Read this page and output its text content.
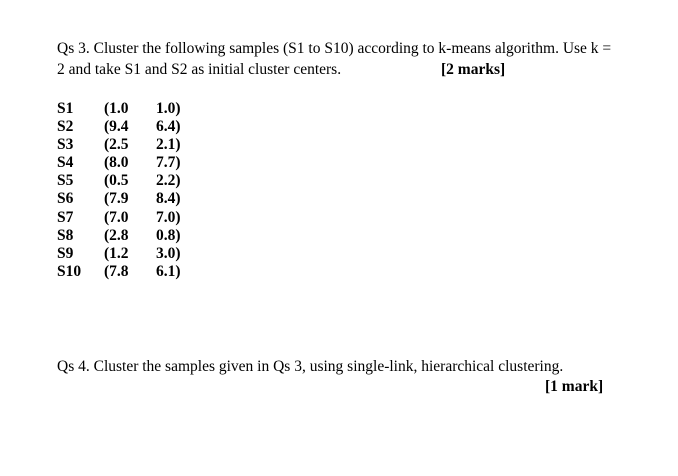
Qs 3. Cluster the following samples (S1 to S10) according to k-means algorithm. Use k =
2 and take S1 and S2 as initial cluster centers.	[2 marks]
S1 (1.0 1.0)
S2 (9.4 6.4)
S3 (2.5 2.1)
S4 (8.0 7.7)
S5 (0.5 2.2)
S6 (7.9 8.4)
S7 (7.0 7.0)
S8 (2.8 0.8)
S9 (1.2 3.0)
S10 (7.8 6.1)
Qs 4. Cluster the samples given in Qs 3, using single-link, hierarchical clustering.
[1 mark]
